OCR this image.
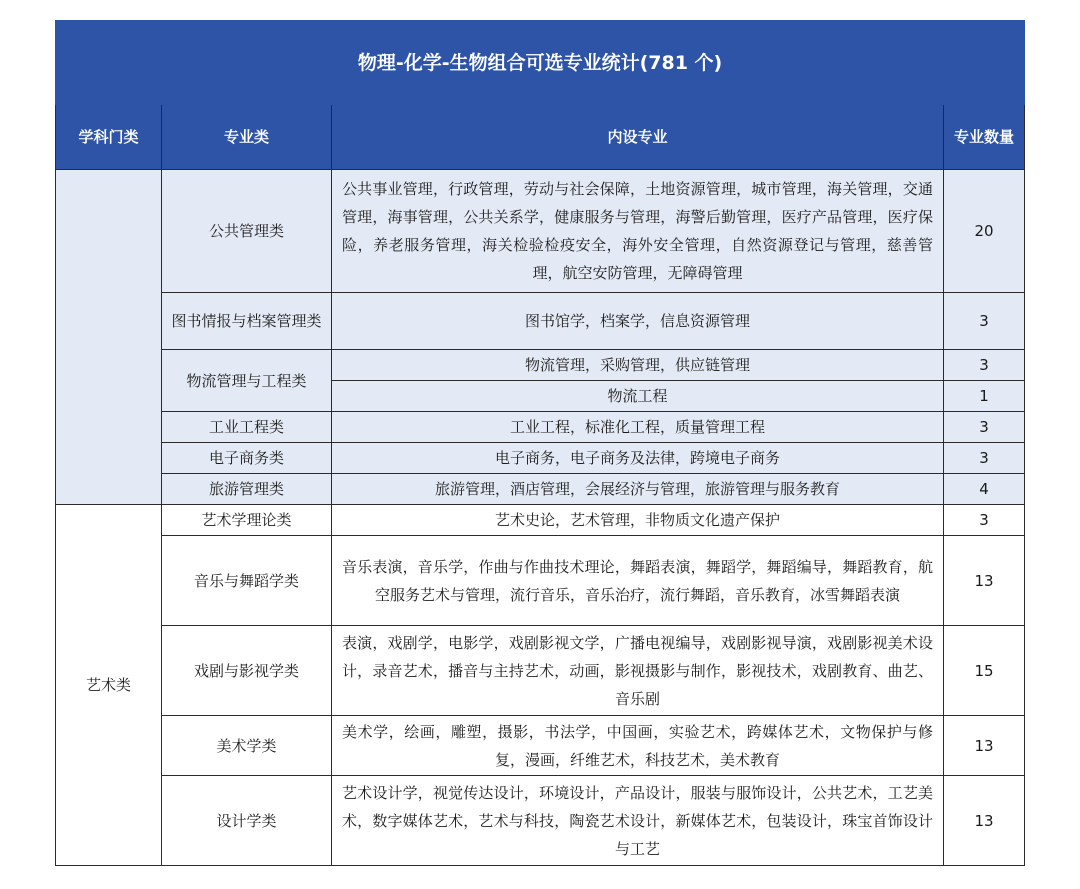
物理-化学-生物组合可选专业统计(781 个)			
学科门类	专业类	内设专业	专业数量
	公共管理类	公共事业管理，行政管理，劳动与社会保障，土地资源管理，城市管理，海关管理，交通管理，海事管理，公共关系学，健康服务与管理，海警后勤管理，医疗产品管理，医疗保险，养老服务管理，海关检验检疫安全，海外安全管理，自然资源登记与管理，慈善管理，航空安防管理，无障碍管理	20
	图书情报与档案管理类	图书馆学，档案学，信息资源管理	3
	物流管理与工程类	物流管理，采购管理，供应链管理	3
		物流工程	1
	工业工程类	工业工程，标准化工程，质量管理工程	3
	电子商务类	电子商务，电子商务及法律，跨境电子商务	3
	旅游管理类	旅游管理，酒店管理，会展经济与管理，旅游管理与服务教育	4
艺术类	艺术学理论类	艺术史论，艺术管理，非物质文化遗产保护	3
	音乐与舞蹈学类	音乐表演，音乐学，作曲与作曲技术理论，舞蹈表演，舞蹈学，舞蹈编导，舞蹈教育，航空服务艺术与管理，流行音乐，音乐治疗，流行舞蹈，音乐教育，冰雪舞蹈表演	13
	戏剧与影视学类	表演，戏剧学，电影学，戏剧影视文学，广播电视编导，戏剧影视导演，戏剧影视美术设计，录音艺术，播音与主持艺术，动画，影视摄影与制作，影视技术，戏剧教育、曲艺、音乐剧	15
	美术学类	美术学，绘画，雕塑，摄影，书法学，中国画，实验艺术，跨媒体艺术，文物保护与修复，漫画，纤维艺术，科技艺术，美术教育	13
	设计学类	艺术设计学，视觉传达设计，环境设计，产品设计，服装与服饰设计，公共艺术，工艺美术，数字媒体艺术，艺术与科技，陶瓷艺术设计，新媒体艺术，包装设计，珠宝首饰设计与工艺	13
